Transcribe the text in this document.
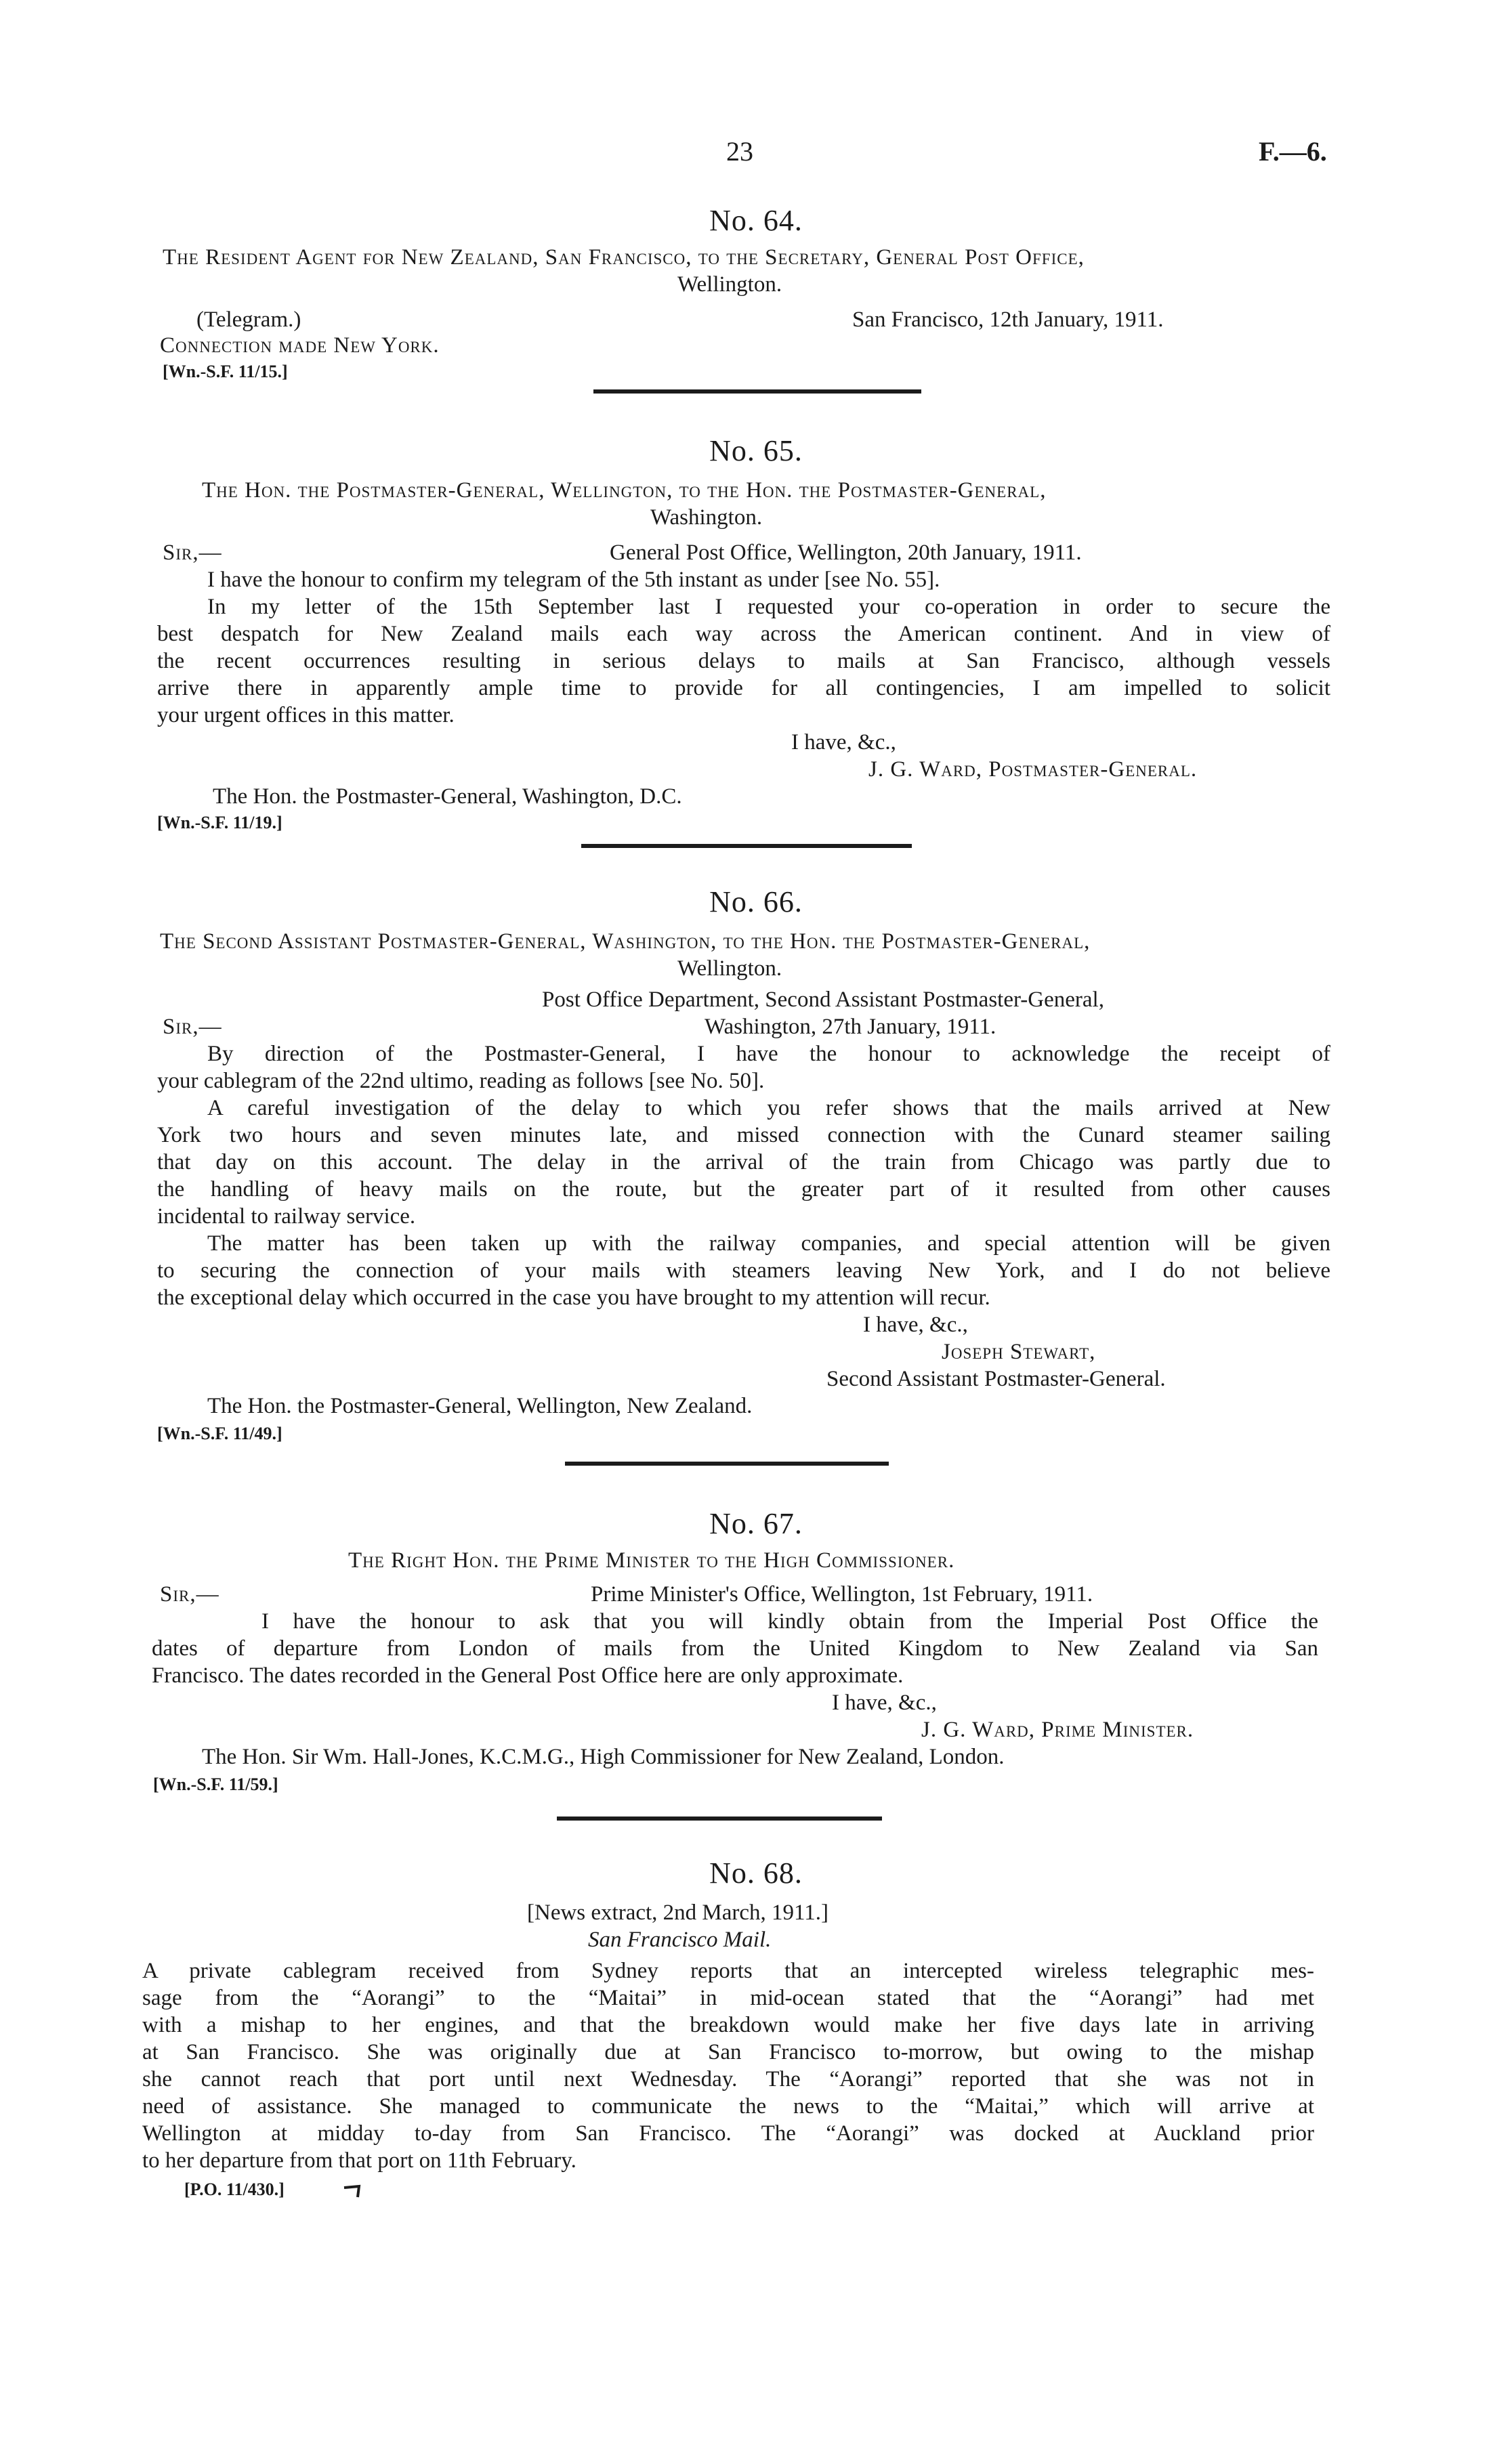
23	F.—6.
No. 64.
The Resident Agent for New Zealand, San Francisco, to the Secretary, General Post Office,
Wellington.
(Telegram.)	San Francisco, 12th January, 1911.
Connection made New York.
[Wn.-S.F. 11/15.]
No. 65.
The Hon. the Postmaster-General, Wellington, to the Hon. the Postmaster-General,
Washington.
Sir,—	General Post Office, Wellington, 20th January, 1911.
I have the honour to confirm my telegram of the 5th instant as under [see No. 55].
In my letter of the 15th September last I requested your co-operation in order to secure the
best despatch for New Zealand mails each way across the American continent. And in view of
the recent occurrences resulting in serious delays to mails at San Francisco, although vessels
arrive there in apparently ample time to provide for all contingencies, I am impelled to solicit
your urgent offices in this matter.
I have, &c.,
J. G. Ward, Postmaster-General.
The Hon. the Postmaster-General, Washington, D.C.
[Wn.-S.F. 11/19.]
No. 66.
The Second Assistant Postmaster-General, Washington, to the Hon. the Postmaster-General,
Wellington.
Post Office Department, Second Assistant Postmaster-General,
Sir,—	Washington, 27th January, 1911.
By direction of the Postmaster-General, I have the honour to acknowledge the receipt of
your cablegram of the 22nd ultimo, reading as follows [see No. 50].
A careful investigation of the delay to which you refer shows that the mails arrived at New
York two hours and seven minutes late, and missed connection with the Cunard steamer sailing
that day on this account. The delay in the arrival of the train from Chicago was partly due to
the handling of heavy mails on the route, but the greater part of it resulted from other causes
incidental to railway service.
The matter has been taken up with the railway companies, and special attention will be given
to securing the connection of your mails with steamers leaving New York, and I do not believe
the exceptional delay which occurred in the case you have brought to my attention will recur.
I have, &c.,
Joseph Stewart,
Second Assistant Postmaster-General.
The Hon. the Postmaster-General, Wellington, New Zealand.
[Wn.-S.F. 11/49.]
No. 67.
The Right Hon. the Prime Minister to the High Commissioner.
Sir,—	Prime Minister's Office, Wellington, 1st February, 1911.
I have the honour to ask that you will kindly obtain from the Imperial Post Office the
dates of departure from London of mails from the United Kingdom to New Zealand via San
Francisco. The dates recorded in the General Post Office here are only approximate.
I have, &c.,
J. G. Ward, Prime Minister.
The Hon. Sir Wm. Hall-Jones, K.C.M.G., High Commissioner for New Zealand, London.
[Wn.-S.F. 11/59.]
No. 68.
[News extract, 2nd March, 1911.]
San Francisco Mail.
A private cablegram received from Sydney reports that an intercepted wireless telegraphic mes-
sage from the “Aorangi” to the “Maitai” in mid-ocean stated that the “Aorangi” had met
with a mishap to her engines, and that the breakdown would make her five days late in arriving
at San Francisco. She was originally due at San Francisco to-morrow, but owing to the mishap
she cannot reach that port until next Wednesday. The “Aorangi” reported that she was not in
need of assistance. She managed to communicate the news to the “Maitai,” which will arrive at
Wellington at midday to-day from San Francisco. The “Aorangi” was docked at Auckland prior
to her departure from that port on 11th February.
[P.O. 11/430.]
